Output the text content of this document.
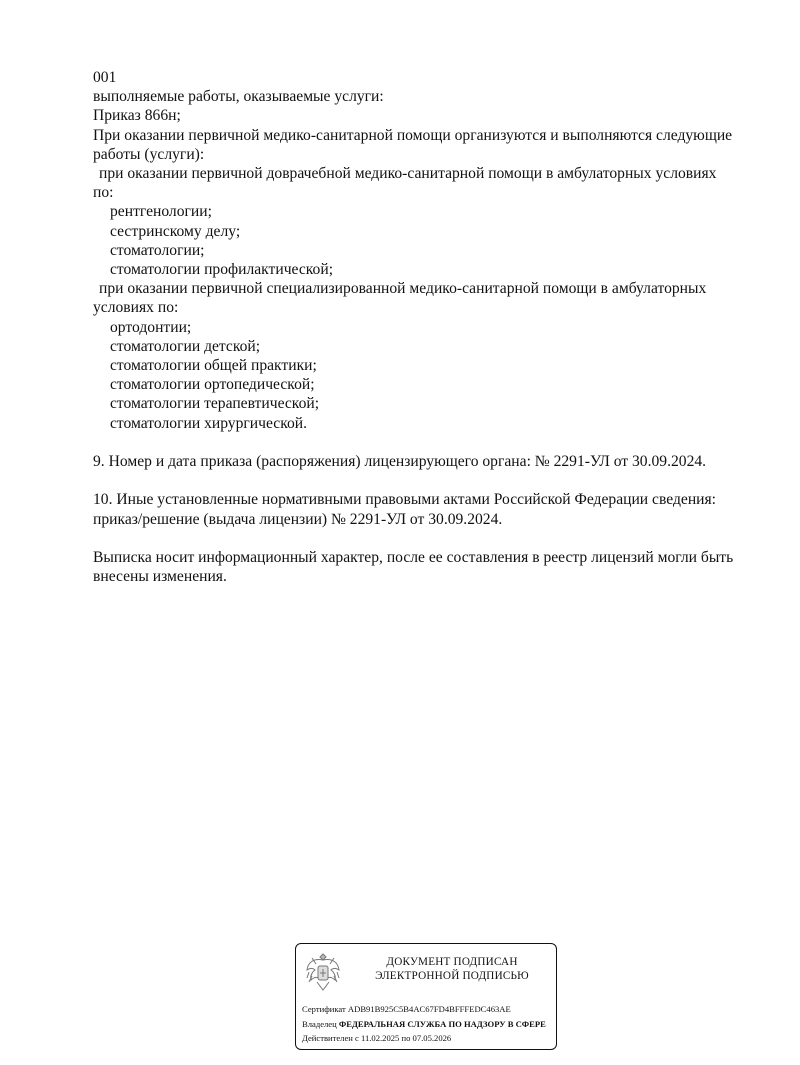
001
выполняемые работы, оказываемые услуги:
Приказ 866н;
При оказании первичной медико-санитарной помощи организуются и выполняются следующие
работы (услуги):
при оказании первичной доврачебной медико-санитарной помощи в амбулаторных условиях
по:
рентгенологии;
сестринскому делу;
стоматологии;
стоматологии профилактической;
при оказании первичной специализированной медико-санитарной помощи в амбулаторных
условиях по:
ортодонтии;
стоматологии детской;
стоматологии общей практики;
стоматологии ортопедической;
стоматологии терапевтической;
стоматологии хирургической.
9. Номер и дата приказа (распоряжения) лицензирующего органа: № 2291-УЛ от 30.09.2024.
10. Иные установленные нормативными правовыми актами Российской Федерации сведения:
приказ/решение (выдача лицензии) № 2291-УЛ от 30.09.2024.
Выписка носит информационный характер, после ее составления в реестр лицензий могли быть
внесены изменения.
ДОКУМЕНТ ПОДПИСАН
ЭЛЕКТРОННОЙ ПОДПИСЬЮ
Сертификат ADB91B925C5B4AC67FD4BFFFEDC463AE
Владелец ФЕДЕРАЛЬНАЯ СЛУЖБА ПО НАДЗОРУ В СФЕРЕ
Действителен с 11.02.2025 по 07.05.2026
